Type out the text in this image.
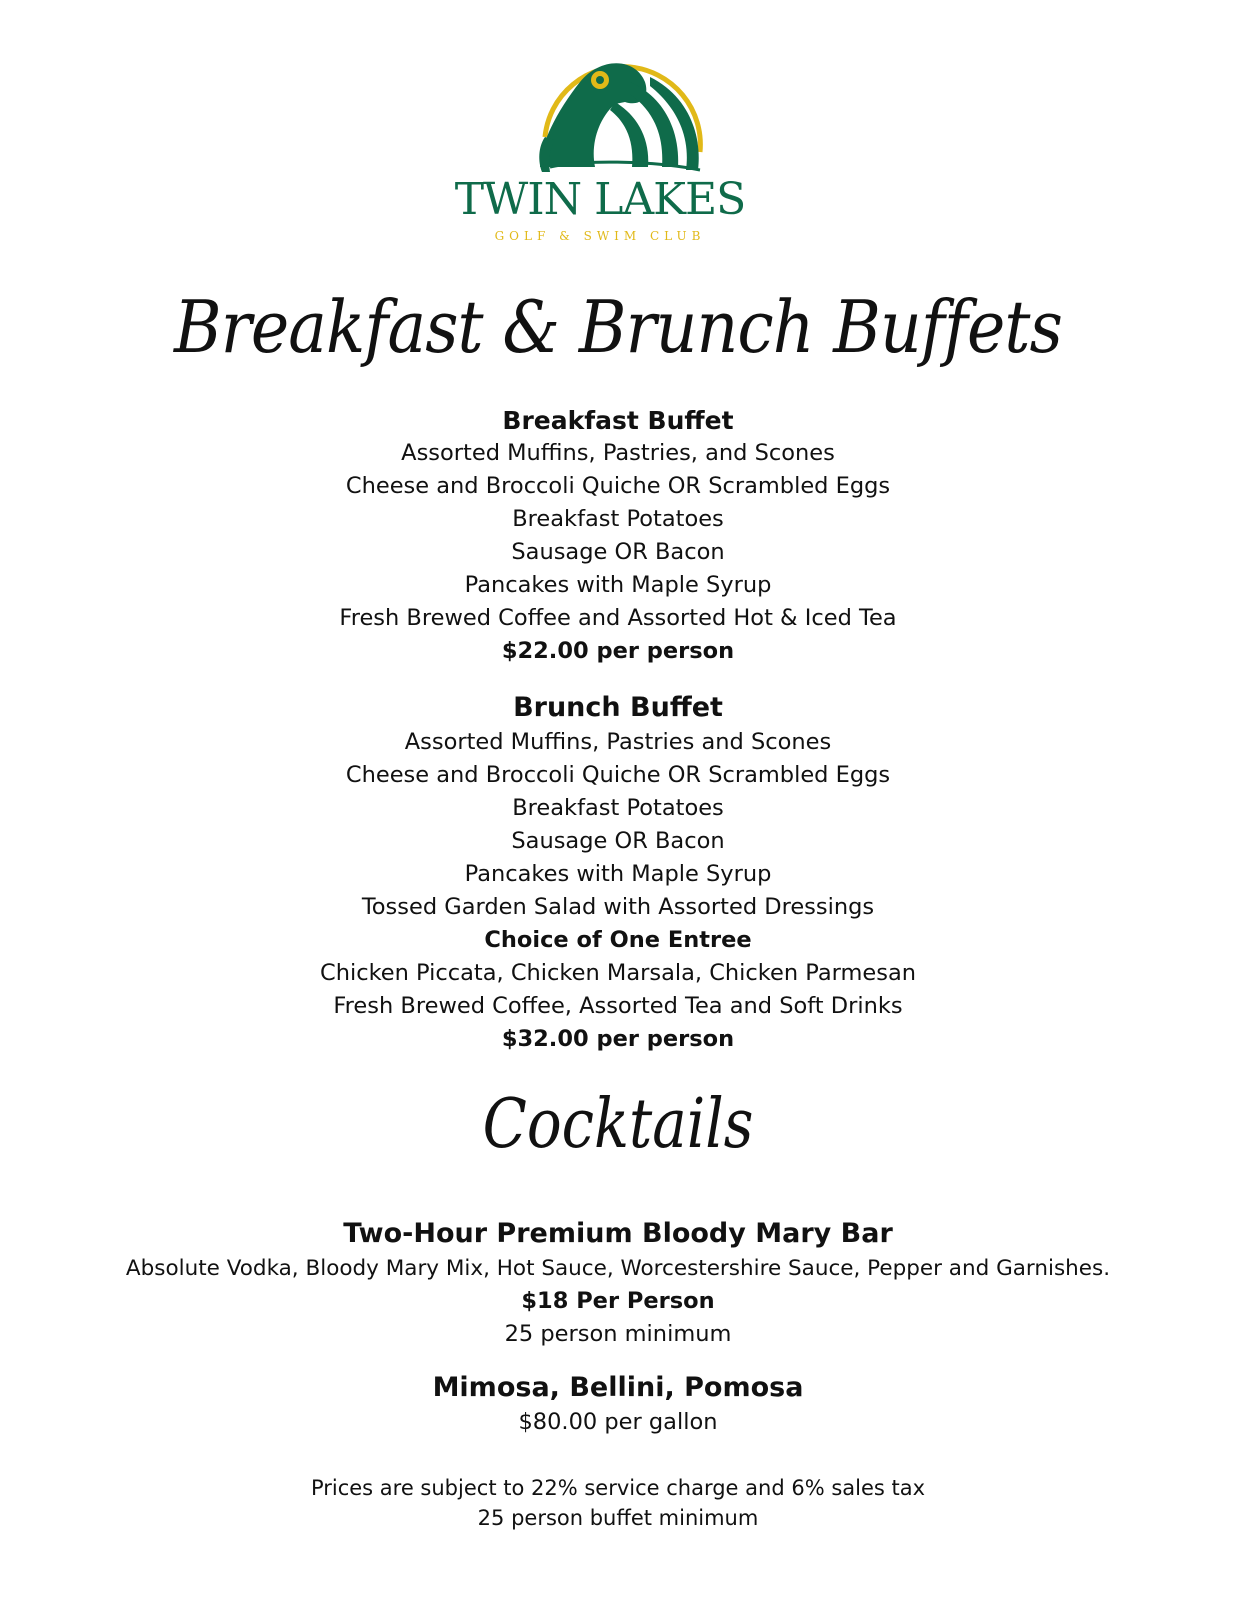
TWIN LAKES
GOLF & SWIM CLUB
Breakfast & Brunch Buffets
Breakfast Buffet
Assorted Muffins, Pastries, and Scones
Cheese and Broccoli Quiche OR Scrambled Eggs
Breakfast Potatoes
Sausage OR Bacon
Pancakes with Maple Syrup
Fresh Brewed Coffee and Assorted Hot & Iced Tea
$22.00 per person
Brunch Buffet
Assorted Muffins, Pastries and Scones
Cheese and Broccoli Quiche OR Scrambled Eggs
Breakfast Potatoes
Sausage OR Bacon
Pancakes with Maple Syrup
Tossed Garden Salad with Assorted Dressings
Choice of One Entree
Chicken Piccata, Chicken Marsala, Chicken Parmesan
Fresh Brewed Coffee, Assorted Tea and Soft Drinks
$32.00 per person
Cocktails
Two-Hour Premium Bloody Mary Bar
Absolute Vodka, Bloody Mary Mix, Hot Sauce, Worcestershire Sauce, Pepper and Garnishes.
$18 Per Person
25 person minimum
Mimosa, Bellini, Pomosa
$80.00 per gallon
Prices are subject to 22% service charge and 6% sales tax
25 person buffet minimum
